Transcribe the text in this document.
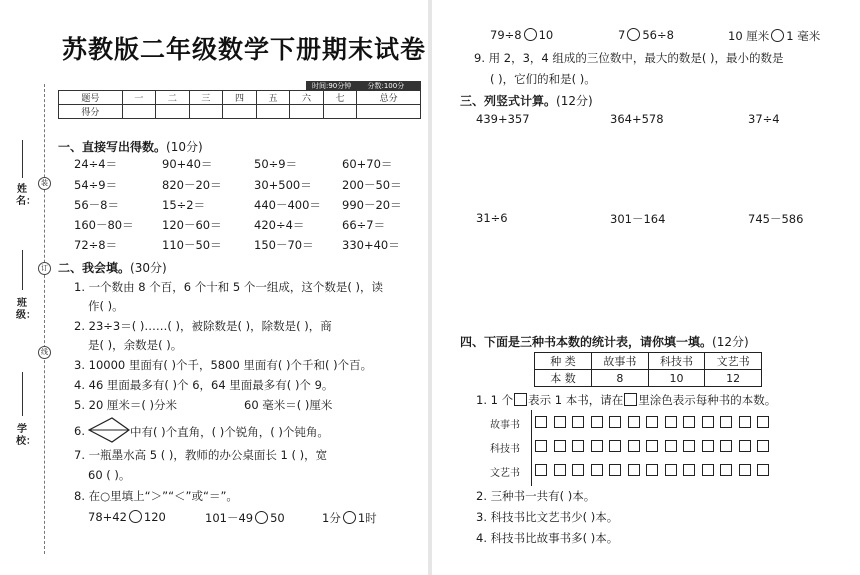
苏教版二年级数学下册期末试卷
装
订
线
姓名：
班级：
学校：
时间:90分钟 分数:100分
题号	一	二	三	四	五	六	七	总分
得分								
一、直接写出得数。(10分)
24÷4＝	90+40＝	50÷9＝	60+70＝
54÷9＝	820－20＝	30+500＝	200－50＝
56－8＝	15÷2＝	440－400＝ 990－20＝
160－80＝ 120－60＝	420÷4＝	66÷7＝
72÷8＝	110－50＝	150－70＝ 330+40＝
二、我会填。(30分)
1. 一个数由 8 个百，6 个十和 5 个一组成，这个数是( )，读
作( )。
2. 23÷3＝( )……( )，被除数是( )，除数是( )，商
是( )，余数是( )。
3. 10000 里面有( )个千，5800 里面有( )个千和( )个百。
4. 46 里面最多有( )个 6，64 里面最多有( )个 9。
5. 20 厘米＝( )分米	60 毫米＝( )厘米
6.	中有( )个直角，( )个锐角，( )个钝角。
7. 一瓶墨水高 5 ( )，教师的办公桌面长 1 ( )，宽
60 ( )。
8. 在○里填上“＞”“＜”或“＝”。
78+42 120	101－49 50	1分 1时
79÷8 10	7 56÷8	10 厘米 1 毫米
9. 用 2，3，4 组成的三位数中，最大的数是( )，最小的数是
( )，它们的和是( )。
三、列竖式计算。(12分)
439+357	364+578	37÷4
31÷6	301－164	745－586
四、下面是三种书本数的统计表，请你填一填。(12分)
种 类	故事书	科技书	文艺书
本 数	8	10	12
1. 1 个 表示 1 本书，请在 里涂色表示每种书的本数。
故事书
科技书
文艺书
2. 三种书一共有( )本。
3. 科技书比文艺书少( )本。
4. 科技书比故事书多( )本。
